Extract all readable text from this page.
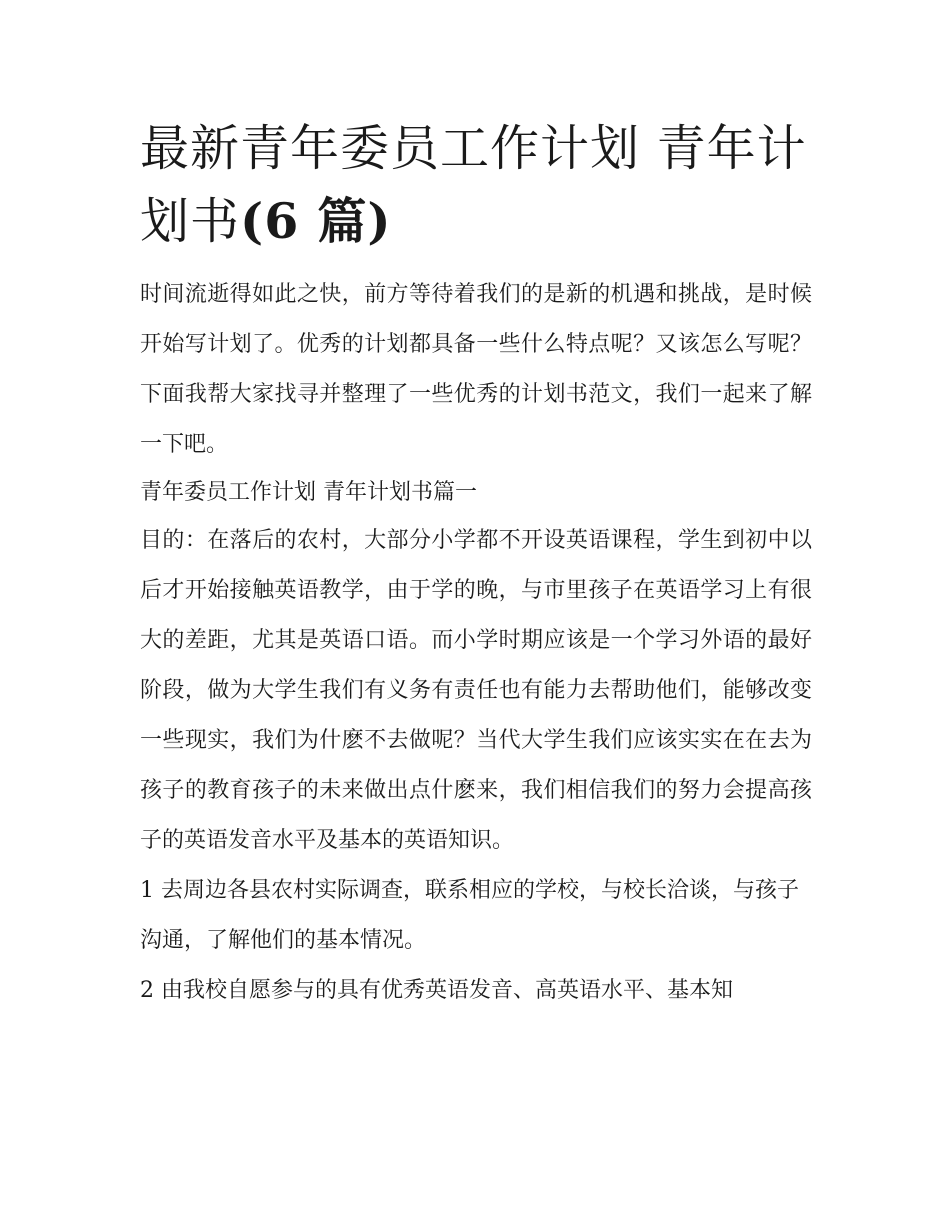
最新青年委员工作计划 青年计划书(6 篇)

时间流逝得如此之快，前方等待着我们的是新的机遇和挑战，是时候开始写计划了。优秀的计划都具备一些什么特点呢？又该怎么写呢？下面我帮大家找寻并整理了一些优秀的计划书范文，我们一起来了解一下吧。

青年委员工作计划 青年计划书篇一

目的：在落后的农村，大部分小学都不开设英语课程，学生到初中以后才开始接触英语教学，由于学的晚，与市里孩子在英语学习上有很大的差距，尤其是英语口语。而小学时期应该是一个学习外语的最好阶段，做为大学生我们有义务有责任也有能力去帮助他们，能够改变一些现实，我们为什麽不去做呢？当代大学生我们应该实实在在去为孩子的教育孩子的未来做出点什麽来，我们相信我们的努力会提高孩子的英语发音水平及基本的英语知识。

1 去周边各县农村实际调查，联系相应的学校，与校长洽谈，与孩子沟通，了解他们的基本情况。

2 由我校自愿参与的具有优秀英语发音、高英语水平、基本知
